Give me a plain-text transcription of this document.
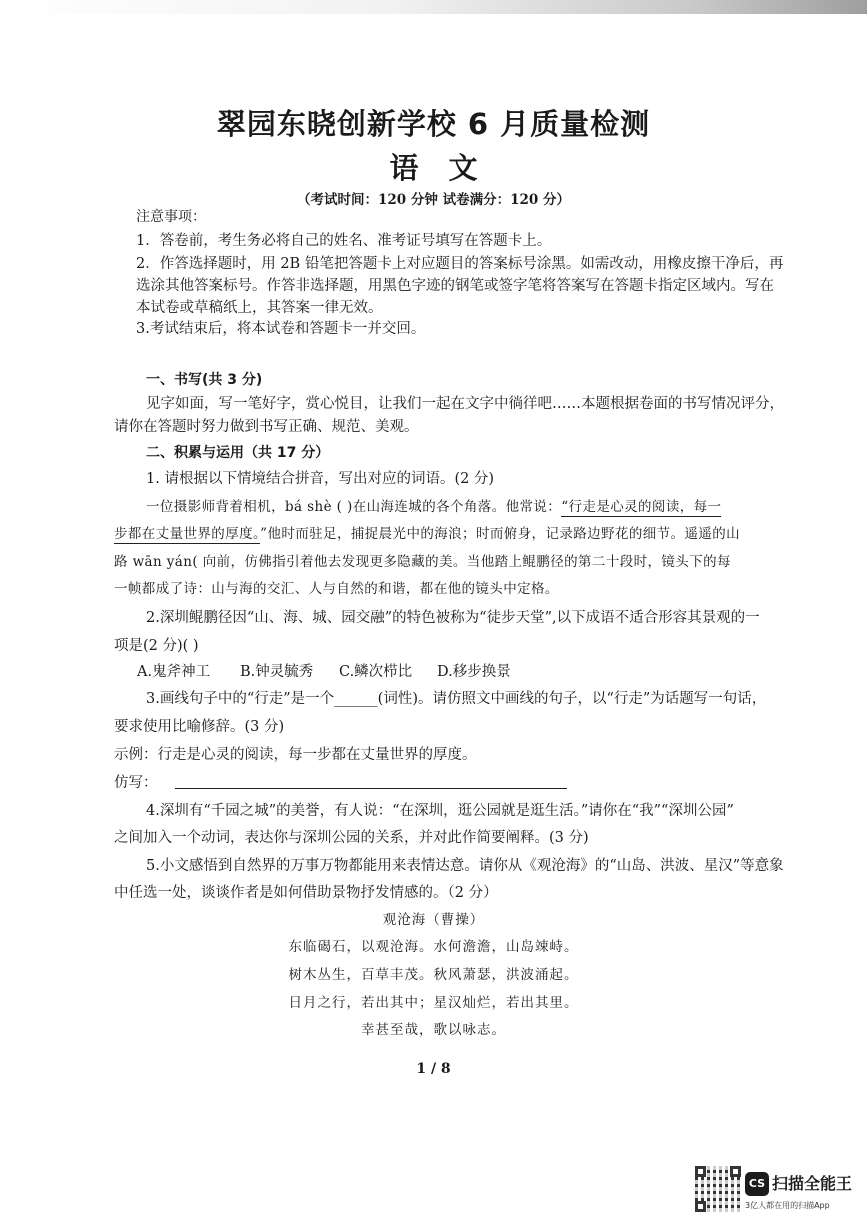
翠园东晓创新学校 6 月质量检测
语文
（考试时间：120 分钟 试卷满分：120 分）
注意事项：
1．答卷前，考生务必将自己的姓名、准考证号填写在答题卡上。
2．作答选择题时，用 2B 铅笔把答题卡上对应题目的答案标号涂黑。如需改动，用橡皮擦干净后，再
选涂其他答案标号。作答非选择题，用黑色字迹的钢笔或签字笔将答案写在答题卡指定区域内。写在
本试卷或草稿纸上，其答案一律无效。
3.考试结束后，将本试卷和答题卡一并交回。
一、书写(共 3 分)
见字如面，写一笔好字，赏心悦目，让我们一起在文字中徜徉吧……本题根据卷面的书写情况评分，
请你在答题时努力做到书写正确、规范、美观。
二、积累与运用（共 17 分）
1. 请根据以下情境结合拼音，写出对应的词语。(2 分)
一位摄影师背着相机，bá shè ( )在山海连城的各个角落。他常说：“行走是心灵的阅读，每一
步都在丈量世界的厚度。”他时而驻足，捕捉晨光中的海浪；时而俯身，记录路边野花的细节。遥遥的山
路 wān yán( 向前，仿佛指引着他去发现更多隐藏的美。当他踏上鲲鹏径的第二十段时，镜头下的每
一帧都成了诗：山与海的交汇、人与自然的和谐，都在他的镜头中定格。
2.深圳鲲鹏径因“山、海、城、园交融”的特色被称为“徒步天堂”,以下成语不适合形容其景观的一
项是(2 分)( )
A.鬼斧神工 B.钟灵毓秀 C.鳞次栉比 D.移步换景
3.画线句子中的“行走”是一个______(词性)。请仿照文中画线的句子，以“行走”为话题写一句话，
要求使用比喻修辞。(3 分)
示例：行走是心灵的阅读，每一步都在丈量世界的厚度。
仿写：
4.深圳有“千园之城”的美誉，有人说：“在深圳，逛公园就是逛生活。”请你在“我”“深圳公园”
之间加入一个动词，表达你与深圳公园的关系，并对此作简要阐释。(3 分)
5.小文感悟到自然界的万事万物都能用来表情达意。请你从《观沧海》的“山岛、洪波、星汉”等意象
中任选一处，谈谈作者是如何借助景物抒发情感的。（2 分）
观沧海（曹操）
东临碣石，以观沧海。水何澹澹，山岛竦峙。
树木丛生，百草丰茂。秋风萧瑟，洪波涌起。
日月之行，若出其中；星汉灿烂，若出其里。
幸甚至哉，歌以咏志。
1 / 8
CS 扫描全能王
3亿人都在用的扫描App
